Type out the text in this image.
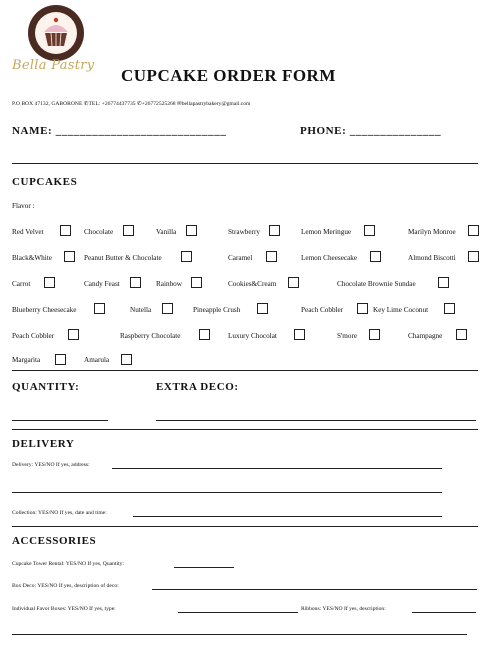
Bella Pastry
CUPCAKE ORDER FORM
P.O BOX 47132, GABORONE ✆TEL: +26774437735 ✆+26772525268 ✉bellapastrybakery@gmail.com
NAME: ____________________________	PHONE: _______________
CUPCAKES
Flavor :
Red Velvet	Chocolate	Vanilla	Strawberry	Lemon Meringue	Marilyn Monroe
Black&White	Peanut Butter & Chocolate	Caramel	Lemon Cheesecake	Almond Biscotti
Carrot	Candy Feast	Rainbow	Cookies&Cream	Chocolate Brownie Sundae
Blueberry Cheesecake	Nutella	Pineapple Crush	Peach Cobbler	Key Lime Coconut
Peach Cobbler	Raspberry Chocolate	Luxury Chocolat	S'more	Champagne
Margarita	Amarula
QUANTITY:	EXTRA DECO:
DELIVERY
Delivery: YES/NO If yes, address:
Collection: YES/NO If yes, date and time:
ACCESSORIES
Cupcake Tower Rental: YES/NO If yes, Quantity:
Box Deco: YES/NO If yes, description of deco:
Individual Favor Boxes: YES/NO If yes, type:	Ribbons: YES/NO If yes, description:
